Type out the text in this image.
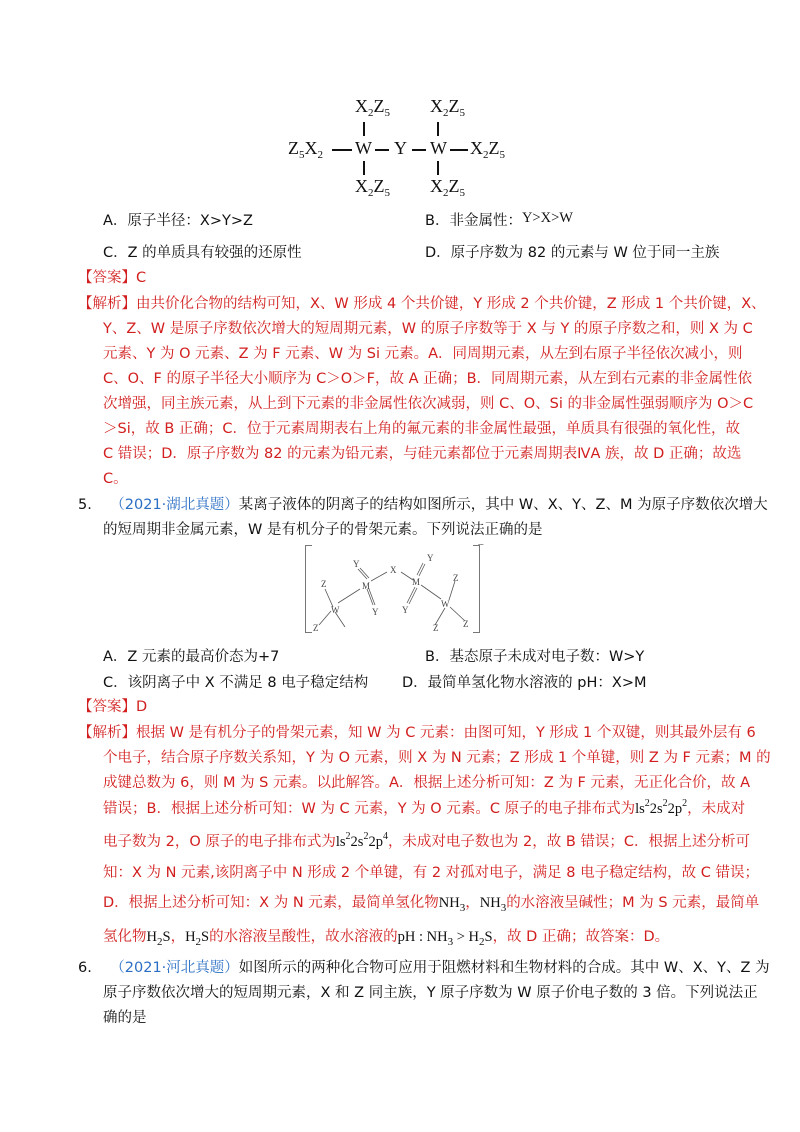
$X_2Z_5$ $X_2Z_5$
$Z_5X_2$ W Y W $X_2Z_5$
$X_2Z_5$ $X_2Z_5$
A．原子半径：X>Y>Z	B．非金属性：Y>X>W
C．Z 的单质具有较强的还原性	D．原子序数为 82 的元素与 W 位于同一主族
【答案】C
【解析】由共价化合物的结构可知，X、W 形成 4 个共价键，Y 形成 2 个共价键，Z 形成 1 个共价键，X、
Y、Z、W 是原子序数依次增大的短周期元素，W 的原子序数等于 X 与 Y 的原子序数之和，则 X 为 C
元素、Y 为 O 元素、Z 为 F 元素、W 为 Si 元素。A．同周期元素，从左到右原子半径依次减小，则
C、O、F 的原子半径大小顺序为 C＞O＞F，故 A 正确；B．同周期元素，从左到右元素的非金属性依
次增强，同主族元素，从上到下元素的非金属性依次减弱，则 C、O、Si 的非金属性强弱顺序为 O＞C
＞Si，故 B 正确；C．位于元素周期表右上角的氟元素的非金属性最强，单质具有很强的氧化性，故
C 错误；D．原子序数为 82 的元素为铅元素，与硅元素都位于元素周期表ⅣA 族，故 D 正确；故选
C。
5. （2021·湖北真题）某离子液体的阴离子的结构如图所示，其中 W、X、Y、Z、M 为原子序数依次增大
的短周期非金属元素，W 是有机分子的骨架元素。下列说法正确的是
−
Z
Y
M
X
Y
M
W	Y	Y
W
Z
Z
Z
Z
A．Z 元素的最高价态为+7	B．基态原子未成对电子数：W>Y
C．该阴离子中 X 不满足 8 电子稳定结构 D．最简单氢化物水溶液的 pH：X>M
【答案】D
【解析】根据 W 是有机分子的骨架元素，知 W 为 C 元素：由图可知，Y 形成 1 个双键，则其最外层有 6
个电子，结合原子序数关系知，Y 为 O 元素，则 X 为 N 元素；Z 形成 1 个单键，则 Z 为 F 元素；M 的
成键总数为 6，则 M 为 S 元素。以此解答。A．根据上述分析可知：Z 为 F 元素，无正化合价，故 A
错误；B．根据上述分析可知：W 为 C 元素，Y 为 O 元素。C 原子的电子排布式为$ls^22s^22p^2$，未成对
电子数为 2，O 原子的电子排布式为$ls^22s^22p^4$，未成对电子数也为 2，故 B 错误；C．根据上述分析可
知：X 为 N 元素,该阴离子中 N 形成 2 个单键，有 2 对孤对电子，满足 8 电子稳定结构，故 C 错误；
D．根据上述分析可知：X 为 N 元素，最简单氢化物$NH_3$，$NH_3$的水溶液呈碱性；M 为 S 元素，最简单
氢化物$H_2S$，$H_2S$的水溶液呈酸性，故水溶液的pH : $NH_3 > H_2S$，故 D 正确；故答案：D。
6. （2021·河北真题）如图所示的两种化合物可应用于阻燃材料和生物材料的合成。其中 W、X、Y、Z 为
原子序数依次增大的短周期元素，X 和 Z 同主族，Y 原子序数为 W 原子价电子数的 3 倍。下列说法正
确的是
